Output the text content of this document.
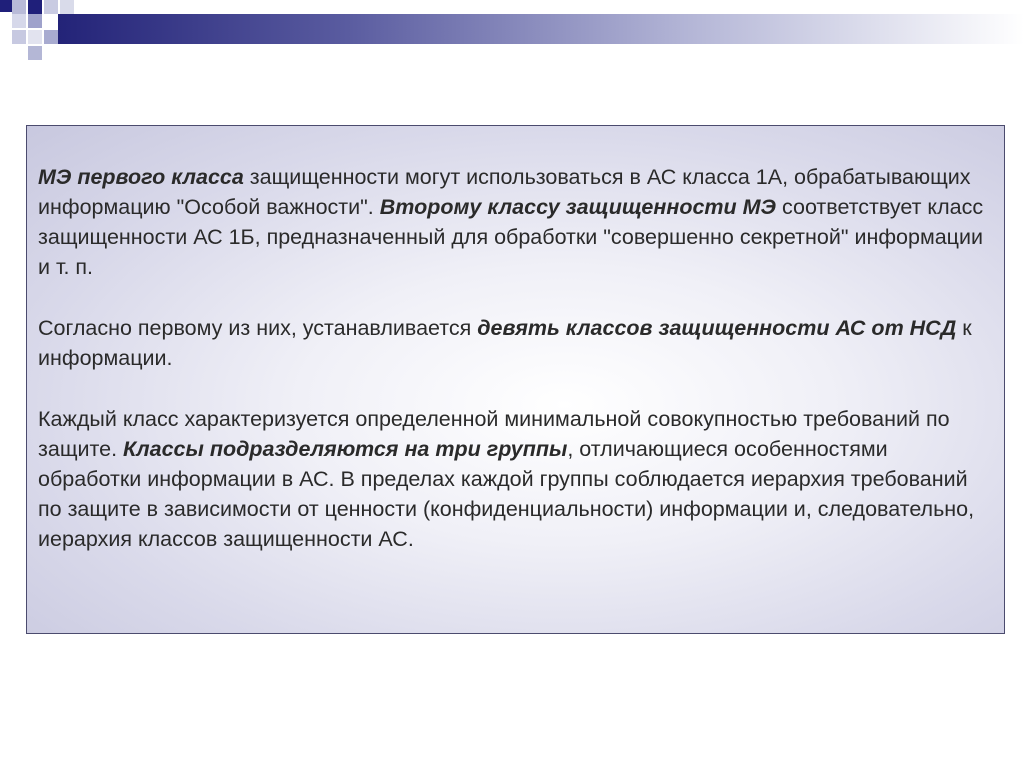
МЭ первого класса защищенности могут использоваться в АС класса 1А, обрабатывающих информацию "Особой важности". Второму классу защищенности МЭ соответствует класс защищенности АС 1Б, предназначенный для обработки "совершенно секретной" информации и т. п.

Согласно первому из них, устанавливается девять классов защищенности АС от НСД к информации.

Каждый класс характеризуется определенной минимальной совокупностью требований по защите. Классы подразделяются на три группы, отличающиеся особенностями обработки информации в АС. В пределах каждой группы соблюдается иерархия требований по защите в зависимости от ценности (конфиденциальности) информации и, следовательно, иерархия классов защищенности АС.
